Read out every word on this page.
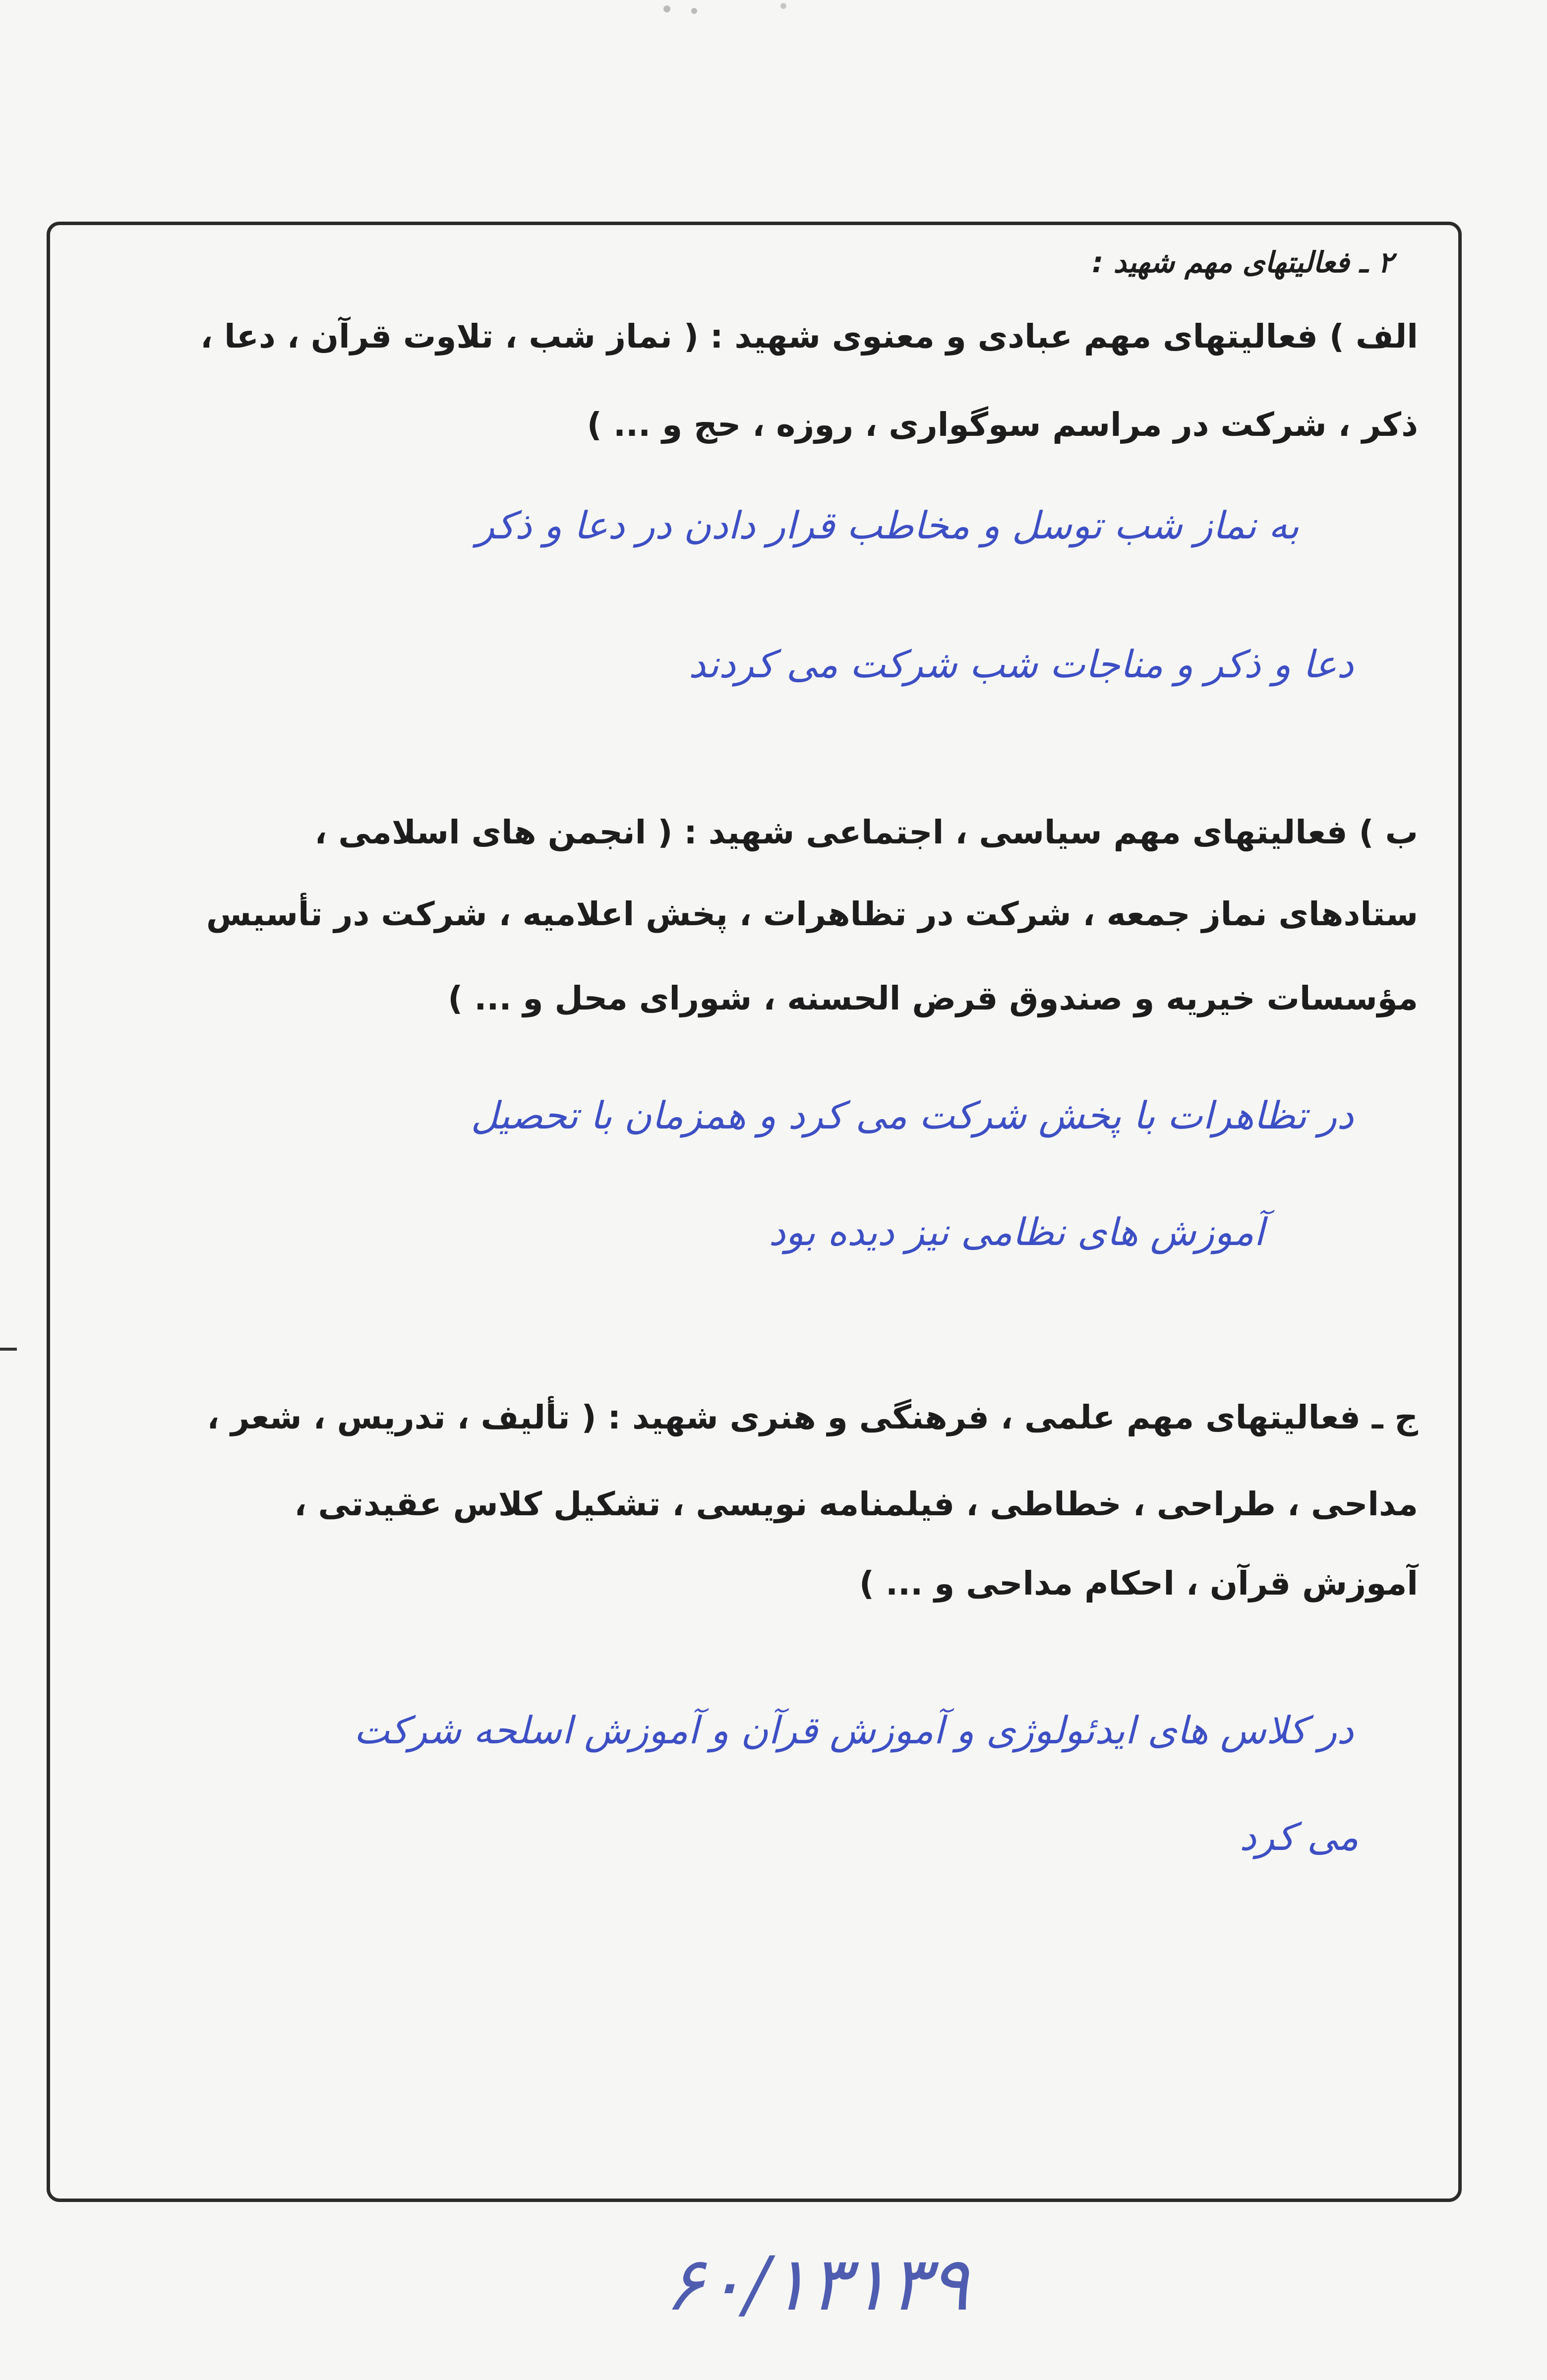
۲ ـ فعالیتهای مهم شهید :
الف ) فعالیتهای مهم عبادی و معنوی شهید : ( نماز شب ، تلاوت قرآن ، دعا ،
ذکر ، شرکت در مراسم سوگواری ، روزه ، حج و ... )
به نماز شب توسل و مخاطب قرار دادن در دعا و ذکر
دعا و ذکر و مناجات شب شرکت می کردند
ب ) فعالیتهای مهم سیاسی ، اجتماعی شهید : ( انجمن های اسلامی ،
ستادهای نماز جمعه ، شرکت در تظاهرات ، پخش اعلامیه ، شرکت در تأسیس
مؤسسات خیریه و صندوق قرض الحسنه ، شورای محل و ... )
در تظاهرات با پخش شرکت می کرد و همزمان با تحصیل
آموزش های نظامی نیز دیده بود
ج ـ فعالیتهای مهم علمی ، فرهنگی و هنری شهید : ( تألیف ، تدریس ، شعر ،
مداحی ، طراحی ، خطاطی ، فیلمنامه نویسی ، تشکیل کلاس عقیدتی ،
آموزش قرآن ، احکام مداحی و ... )
در کلاس های ایدئولوژی و آموزش قرآن و آموزش اسلحه شرکت
می کرد
۶۰/۱۳۱۳۹
